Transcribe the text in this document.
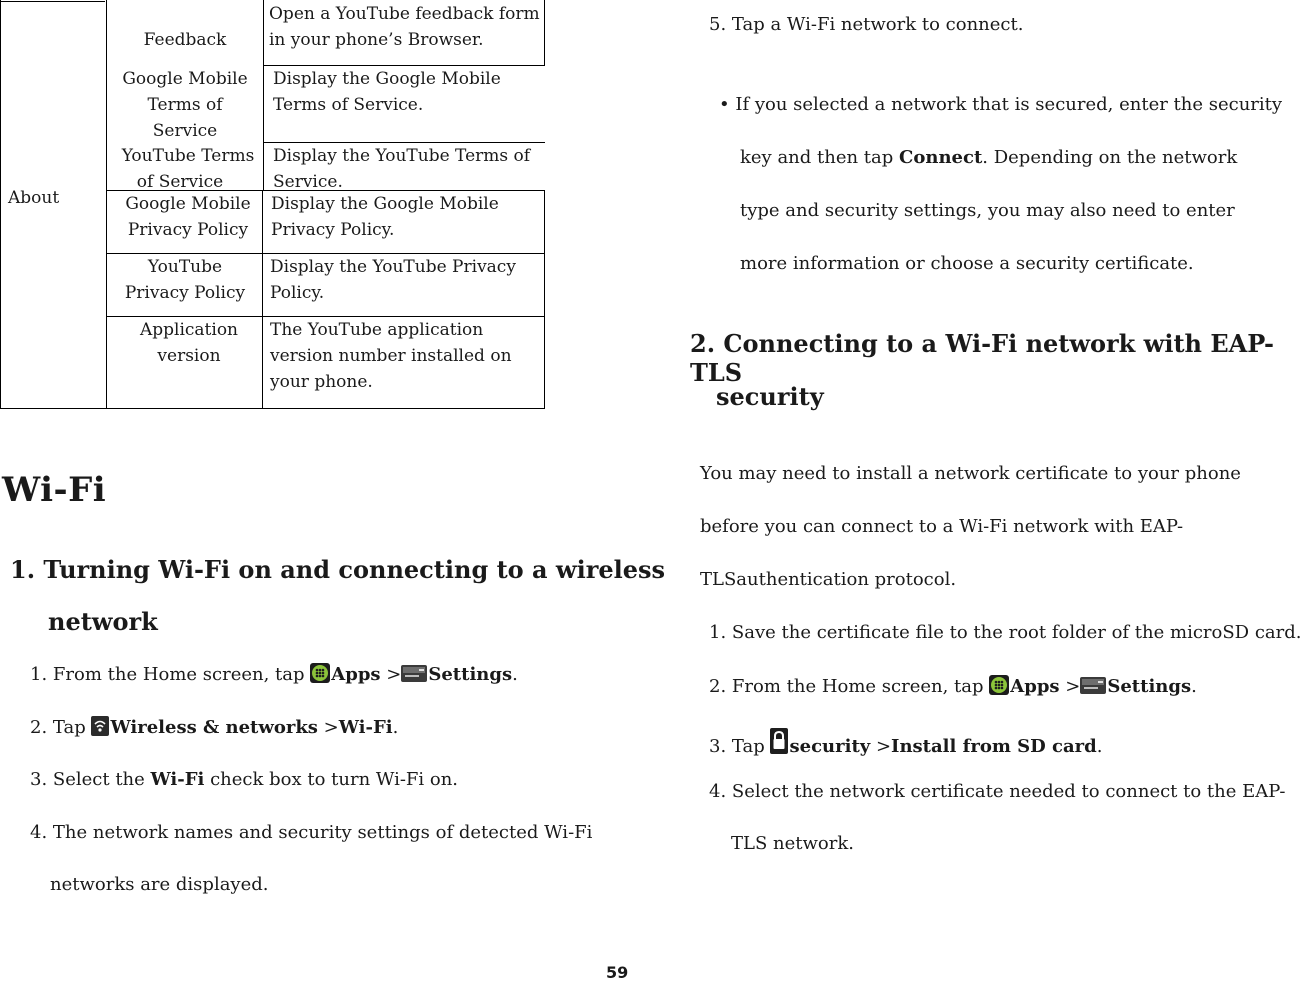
About
Feedback
Open a YouTube feedback form
in your phone’s Browser.
Google Mobile
Terms of
Service
Display the Google Mobile
Terms of Service.
YouTube Terms
of Service
Display the YouTube Terms of
Service.
Google Mobile
Privacy Policy
Display the Google Mobile
Privacy Policy.
YouTube
Privacy Policy
Display the YouTube Privacy
Policy.
Application
version
The YouTube application
version number installed on
your phone.
Wi-Fi
1. Turning Wi-Fi on and connecting to a wireless
network
1. From the Home screen, tap Apps > Settings.
2. Tap Wireless & networks >Wi-Fi.
3. Select the Wi-Fi check box to turn Wi-Fi on.
4. The network names and security settings of detected Wi-Fi
networks are displayed.
5. Tap a Wi-Fi network to connect.
• If you selected a network that is secured, enter the security
key and then tap Connect. Depending on the network
type and security settings, you may also need to enter
more information or choose a security certificate.
2. Connecting to a Wi-Fi network with EAP-TLS
security
You may need to install a network certificate to your phone
before you can connect to a Wi-Fi network with EAP-
TLSauthentication protocol.
1. Save the certificate file to the root folder of the microSD card.
2. From the Home screen, tap Apps > Settings.
3. Tap security >Install from SD card.
4. Select the network certificate needed to connect to the EAP-
TLS network.
59
